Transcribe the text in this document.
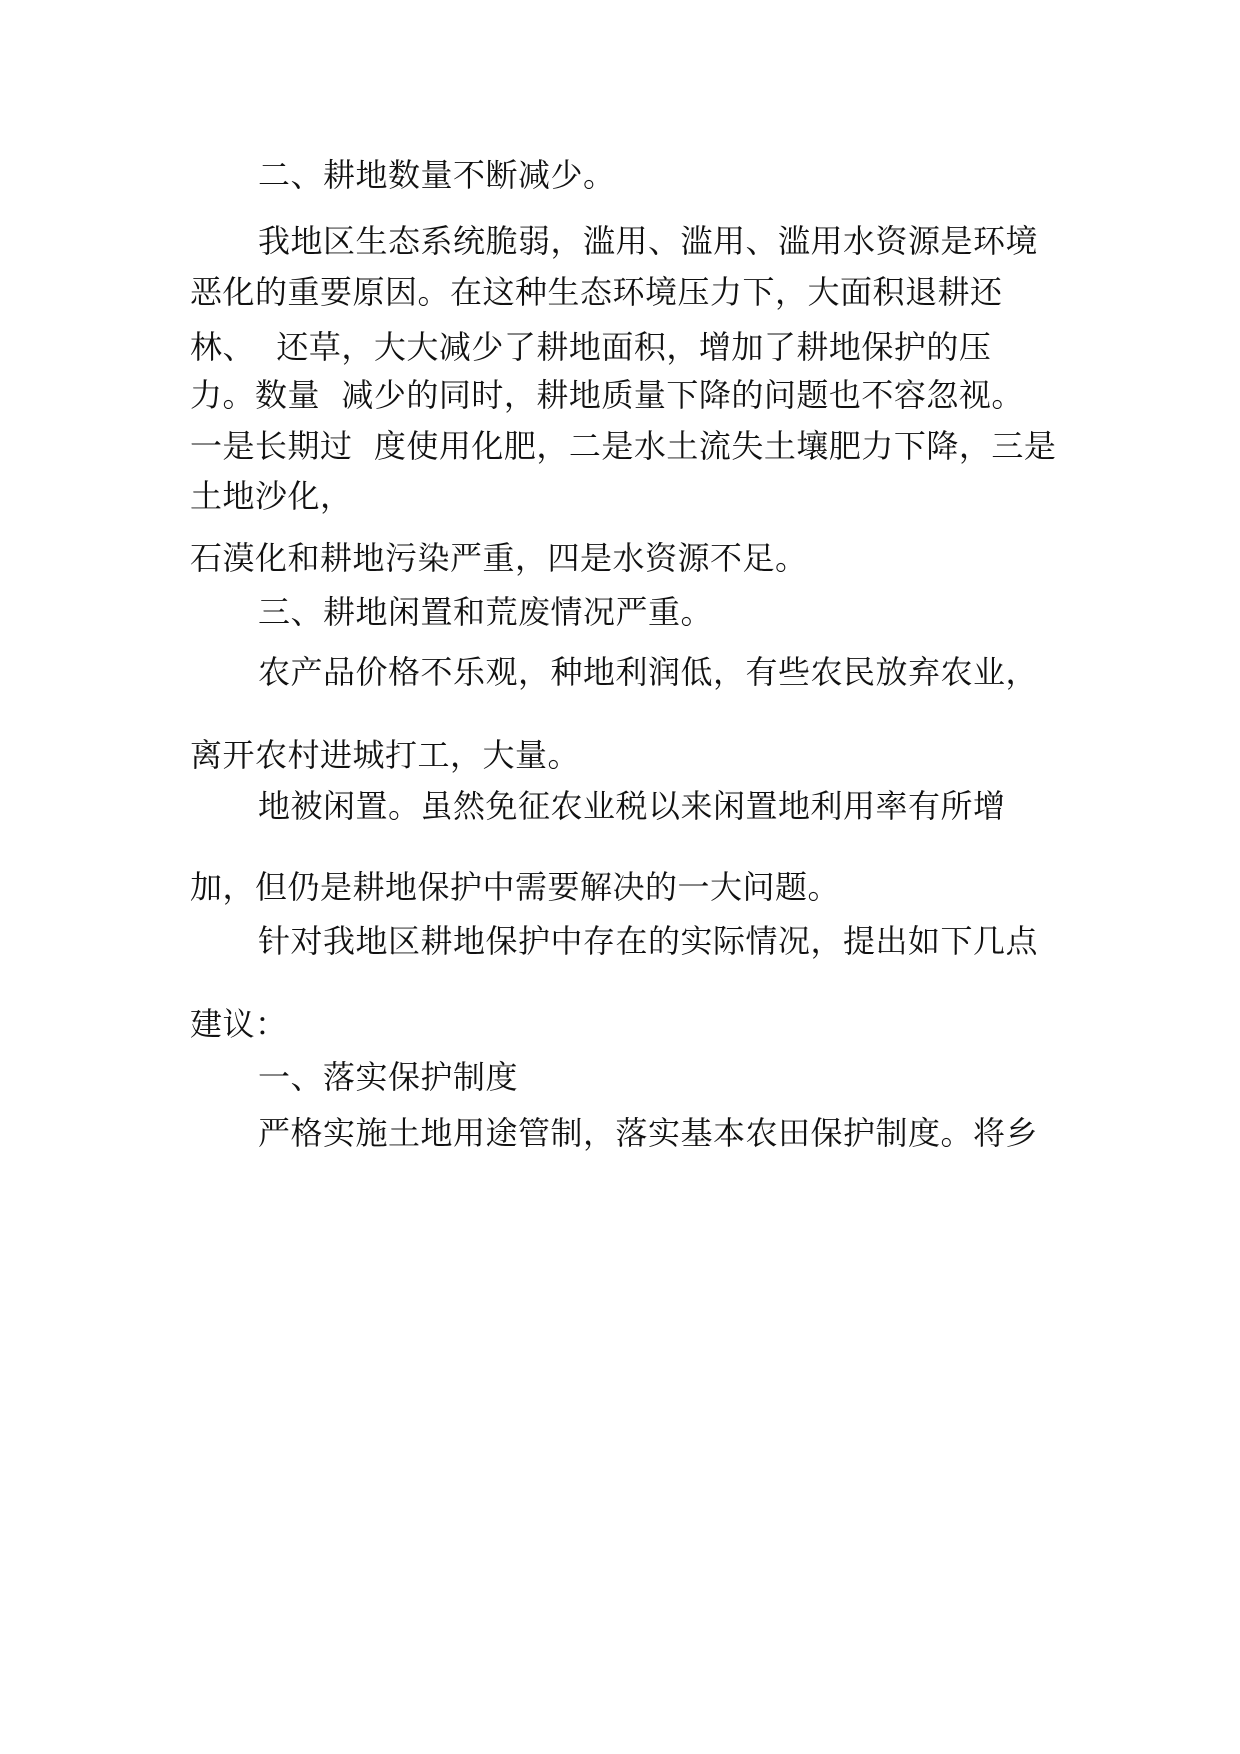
二、耕地数量不断减少。
我地区生态系统脆弱，滥用、滥用、滥用水资源是环境
恶化的重要原因。在这种生态环境压力下，大面积退耕还
林、  还草，大大减少了耕地面积，增加了耕地保护的压
力。数量  减少的同时，耕地质量下降的问题也不容忽视。
一是长期过  度使用化肥，二是水土流失土壤肥力下降，三是
土地沙化，
石漠化和耕地污染严重，四是水资源不足。
三、耕地闲置和荒废情况严重。
农产品价格不乐观，种地利润低，有些农民放弃农业，
离开农村进城打工，大量。
地被闲置。虽然免征农业税以来闲置地利用率有所增
加，但仍是耕地保护中需要解决的一大问题。
针对我地区耕地保护中存在的实际情况，提出如下几点
建议：
一、落实保护制度
严格实施土地用途管制，落实基本农田保护制度。将乡
